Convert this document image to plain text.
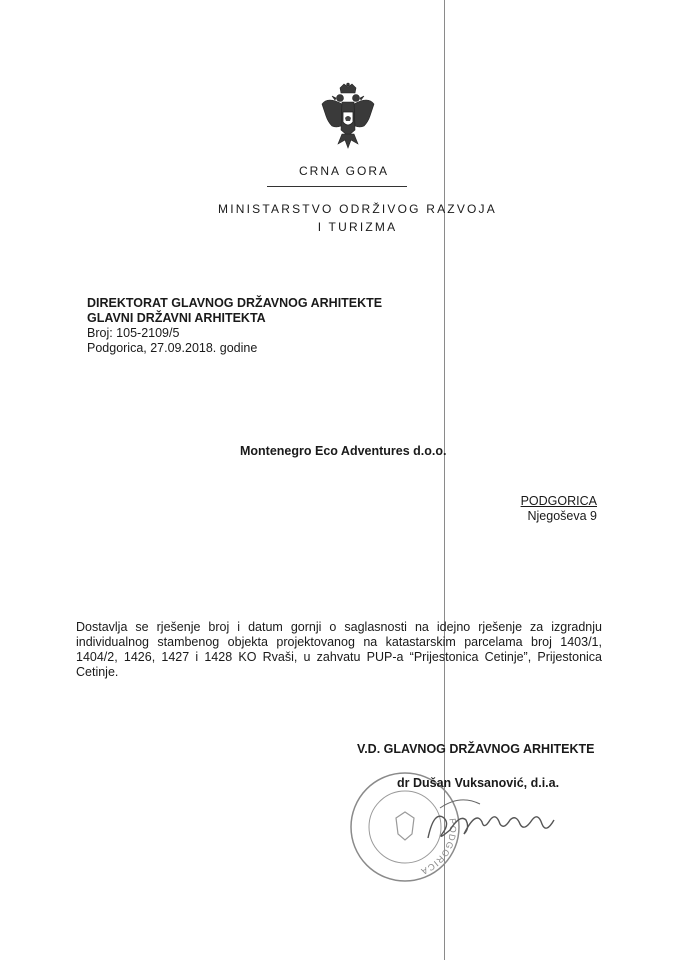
CRNA GORA
MINISTARSTVO ODRŽIVOG RAZVOJA
I TURIZMA
DIREKTORAT GLAVNOG DRŽAVNOG ARHITEKTE
GLAVNI DRŽAVNI ARHITEKTA
Broj: 105-2109/5
Podgorica, 27.09.2018. godine
Montenegro Eco Adventures d.o.o.
PODGORICA
Njegoševa 9
Dostavlja se rješenje broj i datum gornji o saglasnosti na idejno rješenje za izgradnju individualnog stambenog objekta projektovanog na katastarskim parcelama broj 1403/1, 1404/2, 1426, 1427 i 1428 KO Rvaši, u zahvatu PUP-a “Prijestonica Cetinje”, Prijestonica Cetinje.
V.D. GLAVNOG DRŽAVNOG ARHITEKTE
PODGORICA
dr Dušan Vuksanović, d.i.a.
